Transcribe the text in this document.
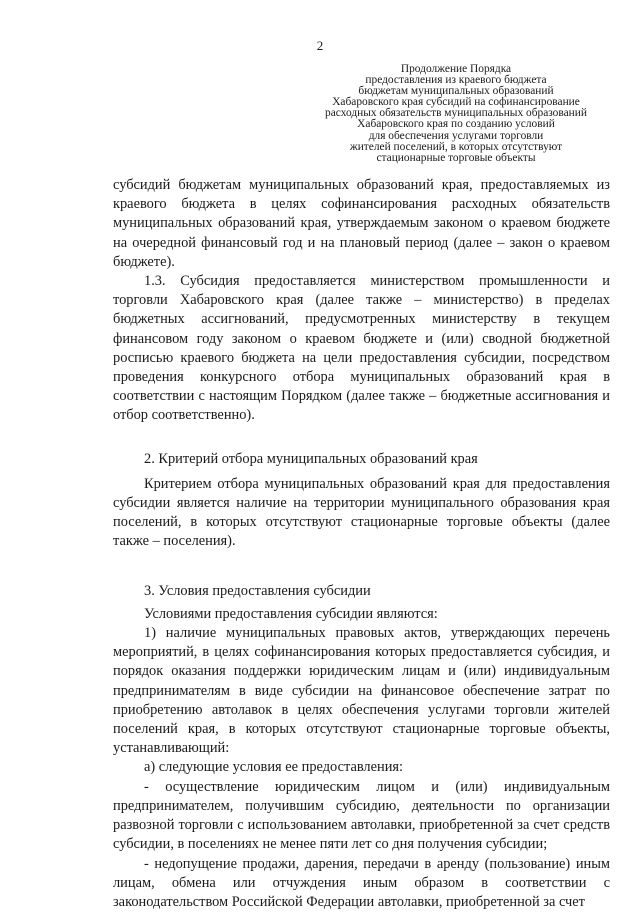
2
Продолжение Порядка
предоставления из краевого бюджета
бюджетам муниципальных образований
Хабаровского края субсидий на софинансирование
расходных обязательств муниципальных образований
Хабаровского края по созданию условий
для обеспечения услугами торговли
жителей поселений, в которых отсутствуют
стационарные торговые объекты

субсидий бюджетам муниципальных образований края, предоставляемых из краевого бюджета в целях софинансирования расходных обязательств муниципальных образований края, утверждаемым законом о краевом бюджете на очередной финансовый год и на плановый период (далее – закон о краевом бюджете).

1.3. Субсидия предоставляется министерством промышленности и торговли Хабаровского края (далее также – министерство) в пределах бюджетных ассигнований, предусмотренных министерству в текущем финансовом году законом о краевом бюджете и (или) сводной бюджетной росписью краевого бюджета на цели предоставления субсидии, посредством проведения конкурсного отбора муниципальных образований края в соответствии с настоящим Порядком (далее также – бюджетные ассигнования и отбор соответственно).

2. Критерий отбора муниципальных образований края

Критерием отбора муниципальных образований края для предоставления субсидии является наличие на территории муниципального образования края поселений, в которых отсутствуют стационарные торговые объекты (далее также – поселения).

3. Условия предоставления субсидии

Условиями предоставления субсидии являются:

1) наличие муниципальных правовых актов, утверждающих перечень мероприятий, в целях софинансирования которых предоставляется субсидия, и порядок оказания поддержки юридическим лицам и (или) индивидуальным предпринимателям в виде субсидии на финансовое обеспечение затрат по приобретению автолавок в целях обеспечения услугами торговли жителей поселений края, в которых отсутствуют стационарные торговые объекты, устанавливающий:

а) следующие условия ее предоставления:

- осуществление юридическим лицом и (или) индивидуальным предпринимателем, получившим субсидию, деятельности по организации развозной торговли с использованием автолавки, приобретенной за счет средств субсидии, в поселениях не менее пяти лет со дня получения субсидии;

- недопущение продажи, дарения, передачи в аренду (пользование) иным лицам, обмена или отчуждения иным образом в соответствии с законодательством Российской Федерации автолавки, приобретенной за счет
